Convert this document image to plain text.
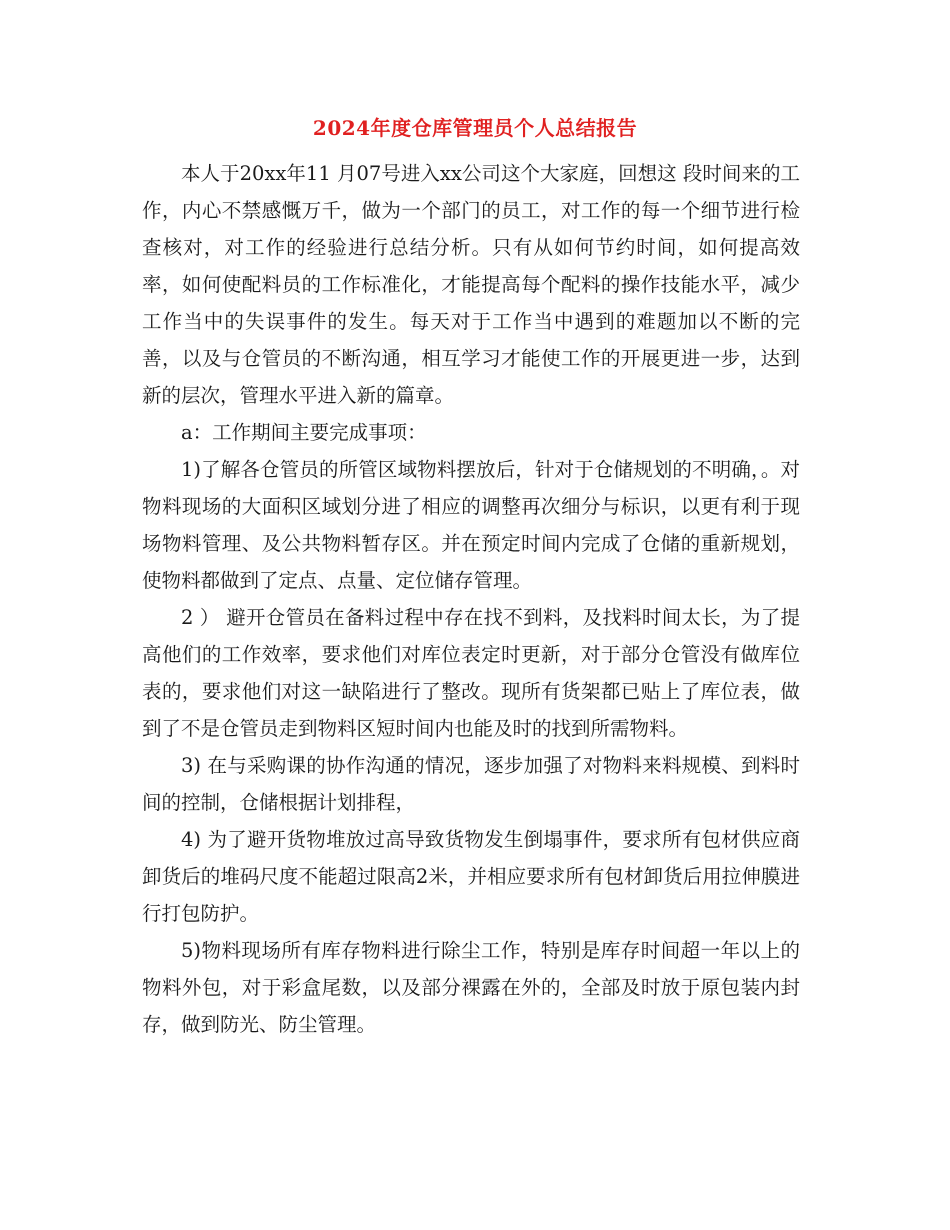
2024年度仓库管理员个人总结报告

本人于20xx年11 月07号进入xx公司这个大家庭，回想这 段时间来的工作，内心不禁感慨万千，做为一个部门的员工，对工作的每一个细节进行检查核对，对工作的经验进行总结分析。只有从如何节约时间，如何提高效率，如何使配料员的工作标准化，才能提高每个配料的操作技能水平，减少工作当中的失误事件的发生。每天对于工作当中遇到的难题加以不断的完善，以及与仓管员的不断沟通，相互学习才能使工作的开展更进一步，达到新的层次，管理水平进入新的篇章。

a：工作期间主要完成事项：

1)了解各仓管员的所管区域物料摆放后，针对于仓储规划的不明确，。对物料现场的大面积区域划分进了相应的调整再次细分与标识，以更有利于现场物料管理、及公共物料暂存区。并在预定时间内完成了仓储的重新规划，使物料都做到了定点、点量、定位储存管理。

2 ） 避开仓管员在备料过程中存在找不到料，及找料时间太长，为了提高他们的工作效率，要求他们对库位表定时更新，对于部分仓管没有做库位表的，要求他们对这一缺陷进行了整改。现所有货架都已贴上了库位表，做到了不是仓管员走到物料区短时间内也能及时的找到所需物料。

3) 在与采购课的协作沟通的情况，逐步加强了对物料来料规模、到料时间的控制，仓储根据计划排程，

4) 为了避开货物堆放过高导致货物发生倒塌事件，要求所有包材供应商卸货后的堆码尺度不能超过限高2米，并相应要求所有包材卸货后用拉伸膜进行打包防护。

5)物料现场所有库存物料进行除尘工作，特别是库存时间超一年以上的物料外包，对于彩盒尾数，以及部分裸露在外的，全部及时放于原包装内封存，做到防光、防尘管理。
